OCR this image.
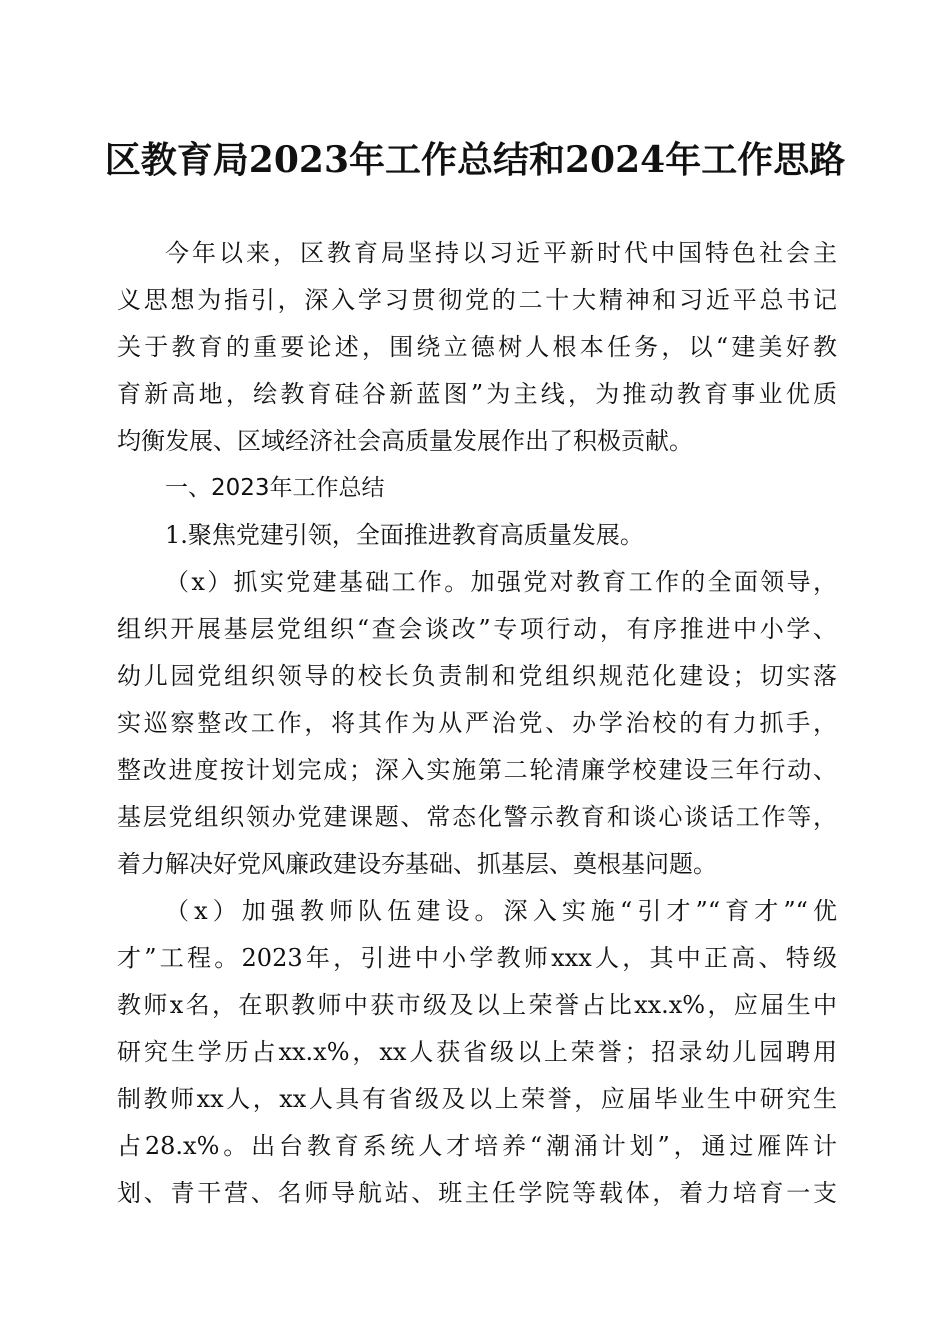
区教育局2023年工作总结和2024年工作思路
今年以来，区教育局坚持以习近平新时代中国特色社会主
义思想为指引，深入学习贯彻党的二十大精神和习近平总书记
关于教育的重要论述，围绕立德树人根本任务，以“建美好教
育新高地，绘教育硅谷新蓝图”为主线，为推动教育事业优质
均衡发展、区域经济社会高质量发展作出了积极贡献。
一、2023年工作总结
1.聚焦党建引领，全面推进教育高质量发展。
（x）抓实党建基础工作。加强党对教育工作的全面领导，
组织开展基层党组织“查会谈改”专项行动，有序推进中小学、
幼儿园党组织领导的校长负责制和党组织规范化建设；切实落
实巡察整改工作，将其作为从严治党、办学治校的有力抓手，
整改进度按计划完成；深入实施第二轮清廉学校建设三年行动、
基层党组织领办党建课题、常态化警示教育和谈心谈话工作等，
着力解决好党风廉政建设夯基础、抓基层、奠根基问题。
（x）加强教师队伍建设。深入实施“引才”“育才”“优
才”工程。2023年，引进中小学教师xxx人，其中正高、特级
教师x名，在职教师中获市级及以上荣誉占比xx.x%，应届生中
研究生学历占xx.x%，xx人获省级以上荣誉；招录幼儿园聘用
制教师xx人，xx人具有省级及以上荣誉，应届毕业生中研究生
占28.x%。出台教育系统人才培养“潮涌计划”，通过雁阵计
划、青干营、名师导航站、班主任学院等载体，着力培育一支
